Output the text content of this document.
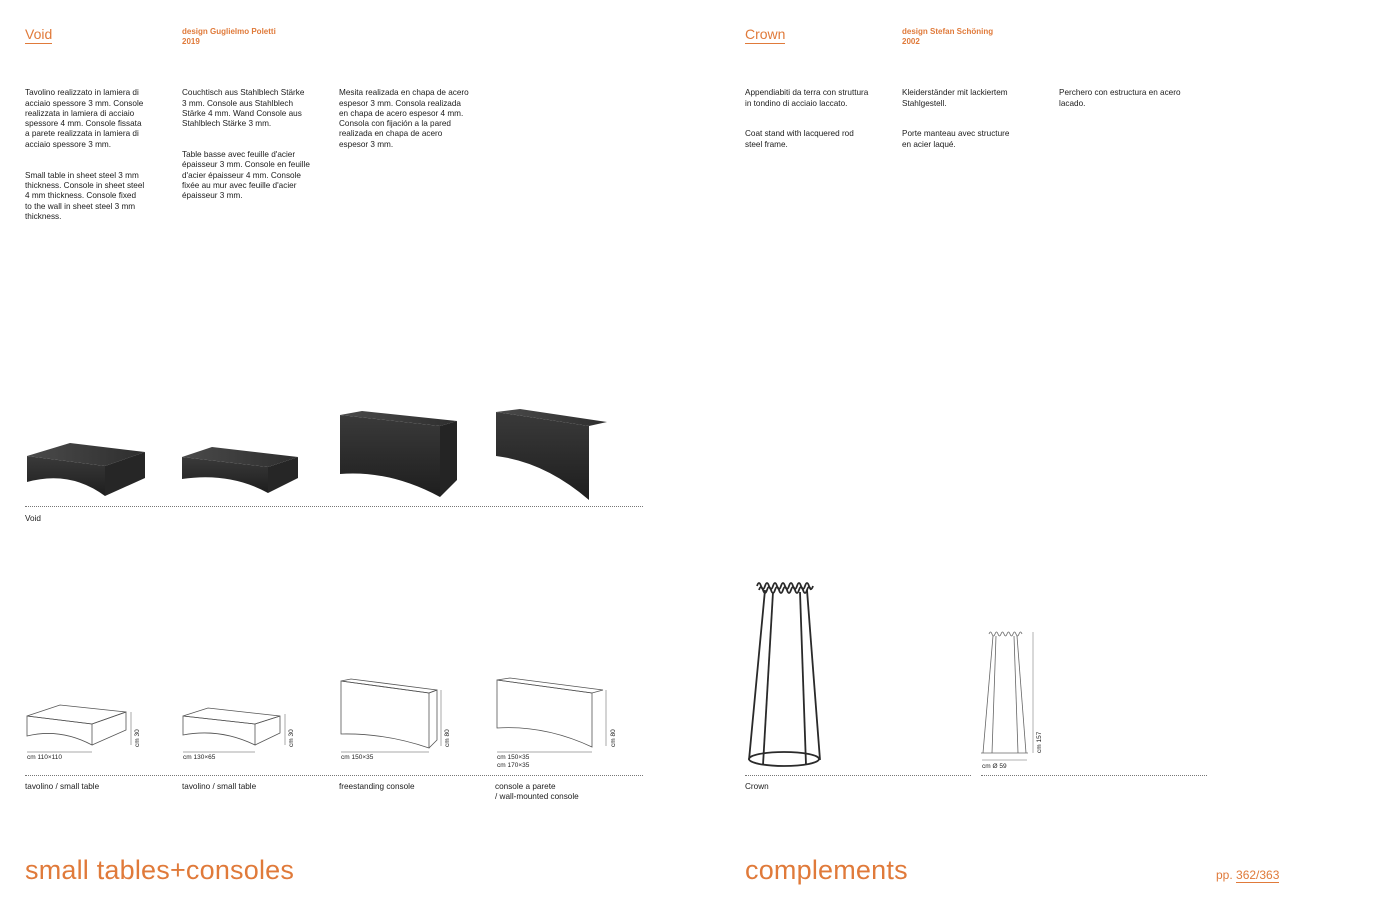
Void	design Guglielmo Poletti
2019

Tavolino realizzato in lamiera di
acciaio spessore 3 mm. Console
realizzata in lamiera di acciaio
spessore 4 mm. Console fissata
a parete realizzata in lamiera di
acciaio spessore 3 mm.

Small table in sheet steel 3 mm
thickness. Console in sheet steel
4 mm thickness. Console fixed
to the wall in sheet steel 3 mm
thickness.

Couchtisch aus Stahlblech Stärke
3 mm. Console aus Stahlblech
Stärke 4 mm. Wand Console aus
Stahlblech Stärke 3 mm.

Table basse avec feuille d'acier
épaisseur 3 mm. Console en feuille
d'acier épaisseur 4 mm. Console
fixée au mur avec feuille d'acier
épaisseur 3 mm.

Mesita realizada en chapa de acero
espesor 3 mm. Consola realizada
en chapa de acero espesor 4 mm.
Consola con fijación a la pared
realizada en chapa de acero
espesor 3 mm.

Void
cm 110×110
cm 30
cm 130×65
cm 30
cm 150×35
cm 80
cm 150×35
cm 170×35
cm 80
tavolino / small table	tavolino / small table	freestanding console	console a parete
/ wall-mounted console
small tables+consoles
Crown	design Stefan Schöning
2002

Appendiabiti da terra con struttura
in tondino di acciaio laccato.

Coat stand with lacquered rod
steel frame.

Kleiderständer mit lackiertem
Stahlgestell.

Porte manteau avec structure
en acier laqué.

Perchero con estructura en acero
lacado.

cm Ø 59
cm 157
Crown
complements	pp. 362/363
